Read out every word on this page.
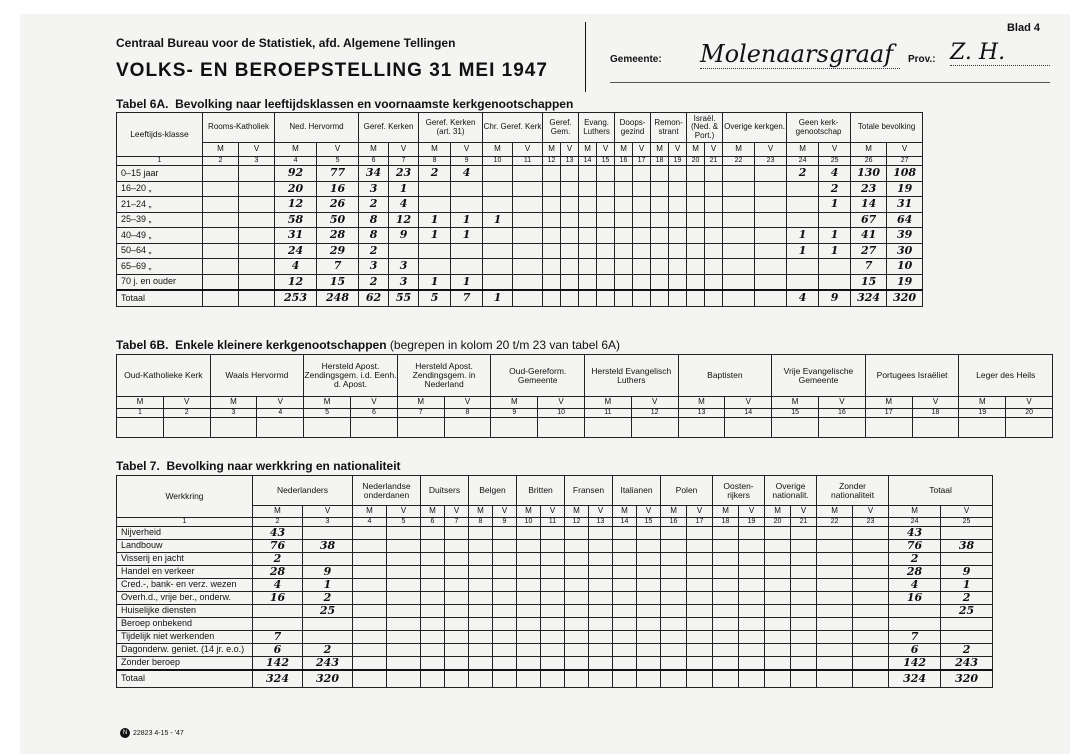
Centraal Bureau voor de Statistiek, afd. Algemene Tellingen
VOLKS- EN BEROEPSTELLING 31 MEI 1947
Blad 4
Gemeente: Molenaarsgraaf	Prov.: Z. H.
Tabel 6A. Bevolking naar leeftijdsklassen en voornaamste kerkgenootschappen
Leeftijds-klasse	Rooms-Katholiek		Ned. Hervormd		Geref. Kerken		Geref. Kerken (art. 31)		Chr. Geref. Kerk		Geref. Gem.		Evang. Luthers		Doops-gezind		Remon-strant		Israël. (Ned. & Port.)		Overige kerkgen.		Geen kerk-genootschap		Totale bevolking	
	M	V	M	V	M	V	M	V	M	V	M	V	M	V	M	V	M	V	M	V	M	V	M	V	M	V
1	2	3	4	5	6	7	8	9	10	11	12	13	14	15	16	17	18	19	20	21	22	23	24	25	26	27
0–15 jaar			92	77	34	23	2	4															2	4	130	108
16–20 „			20	16	3	1																		2	23	19
21–24 „			12	26	2	4																		1	14	31
25–39 „			58	50	8	12	1	1	1																67	64
40–49 „			31	28	8	9	1	1															1	1	41	39
50–64 „			24	29	2																		1	1	27	30
65–69 „			4	7	3	3																			7	10
70 j. en ouder			12	15	2	3	1	1																	15	19
Totaal			253	248	62	55	5	7	1														4	9	324	320
Tabel 6B. Enkele kleinere kerkgenootschappen (begrepen in kolom 20 t/m 23 van tabel 6A)
Oud-Katholieke Kerk		Waals Hervormd		Hersteld Apost. Zendingsgem. i.d. Eenh. d. Apost.		Hersteld Apost. Zendingsgem. in Nederland		Oud-Gereform. Gemeente		Hersteld Evangelisch Luthers		Baptisten		Vrije Evangelische Gemeente		Portugees Israëliet		Leger des Heils	
M	V	M	V	M	V	M	V	M	V	M	V	M	V	M	V	M	V	M	V
1	2	3	4	5	6	7	8	9	10	11	12	13	14	15	16	17	18	19	20

Tabel 7. Bevolking naar werkkring en nationaliteit
Werkkring	Nederlanders		Nederlandse onderdanen		Duitsers		Belgen		Britten		Fransen		Italianen		Polen		Oosten-rijkers		Overige nationalit.		Zonder nationaliteit		Totaal	
	M	V	M	V	M	V	M	V	M	V	M	V	M	V	M	V	M	V	M	V	M	V	M	V
1	2	3	4	5	6	7	8	9	10	11	12	13	14	15	16	17	18	19	20	21	22	23	24	25
Nijverheid	43																						43	
Landbouw	76	38																					76	38
Visserij en jacht	2																						2	
Handel en verkeer	28	9																					28	9
Cred.-, bank- en verz. wezen	4	1																					4	1
Overh.d., vrije ber., onderw.	16	2																					16	2
Huiselijke diensten		25																						25
Beroep onbekend																								
Tijdelijk niet werkenden	7																						7	
Dagonderw. geniet. (14 jr. e.o.)	6	2																					6	2
Zonder beroep	142	243																					142	243
Totaal	324	320																					324	320
N 22823 4-15 - '47
